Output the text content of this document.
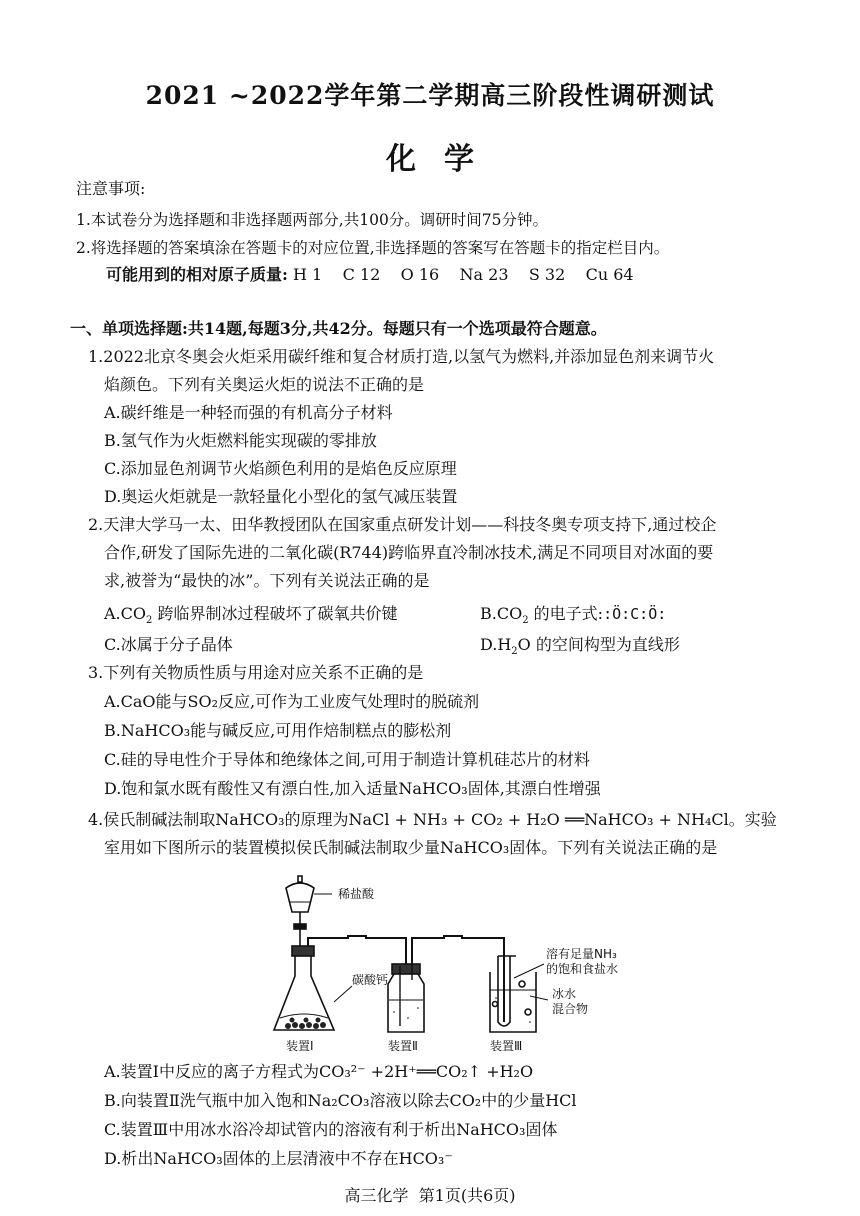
2021 ~2022学年第二学期高三阶段性调研测试
化学
注意事项:
1.本试卷分为选择题和非选择题两部分,共100分。调研时间75分钟。
2.将选择题的答案填涂在答题卡的对应位置,非选择题的答案写在答题卡的指定栏目内。
可能用到的相对原子质量: H 1    C 12    O 16    Na 23    S 32    Cu 64
一、单项选择题:共14题,每题3分,共42分。每题只有一个选项最符合题意。
1.2022北京冬奥会火炬采用碳纤维和复合材质打造,以氢气为燃料,并添加显色剂来调节火
焰颜色。下列有关奥运火炬的说法不正确的是
A.碳纤维是一种轻而强的有机高分子材料
B.氢气作为火炬燃料能实现碳的零排放
C.添加显色剂调节火焰颜色利用的是焰色反应原理
D.奥运火炬就是一款轻量化小型化的氢气减压装置
2.天津大学马一太、田华教授团队在国家重点研发计划——科技冬奥专项支持下,通过校企
合作,研发了国际先进的二氧化碳(R744)跨临界直冷制冰技术,满足不同项目对冰面的要
求,被誉为“最快的冰”。下列有关说法正确的是
$A.CO_2$ 跨临界制冰过程破坏了碳氧共价键	$B.CO_2$ 的电子式::Ö:C:Ö:
C.冰属于分子晶体	$D.H_2O$ 的空间构型为直线形
3.下列有关物质性质与用途对应关系不正确的是
A.CaO能与SO₂反应,可作为工业废气处理时的脱硫剂
B.NaHCO₃能与碱反应,可用作焙制糕点的膨松剂
C.硅的导电性介于导体和绝缘体之间,可用于制造计算机硅芯片的材料
D.饱和氯水既有酸性又有漂白性,加入适量NaHCO₃固体,其漂白性增强
4.侯氏制碱法制取NaHCO₃的原理为NaCl + NH₃ + CO₂ + H₂O ══NaHCO₃ + NH₄Cl。实验
室用如下图所示的装置模拟侯氏制碱法制取少量NaHCO₃固体。下列有关说法正确的是
稀盐酸
碳酸钙
溶有足量NH₃
的饱和食盐水
冰水
混合物
装置Ⅰ	装置Ⅱ	装置Ⅲ
A.装置Ⅰ中反应的离子方程式为CO₃²⁻ +2H⁺══CO₂↑ +H₂O
B.向装置Ⅱ洗气瓶中加入饱和Na₂CO₃溶液以除去CO₂中的少量HCl
C.装置Ⅲ中用冰水浴冷却试管内的溶液有利于析出NaHCO₃固体
D.析出NaHCO₃固体的上层清液中不存在HCO₃⁻
高三化学  第1页(共6页)
